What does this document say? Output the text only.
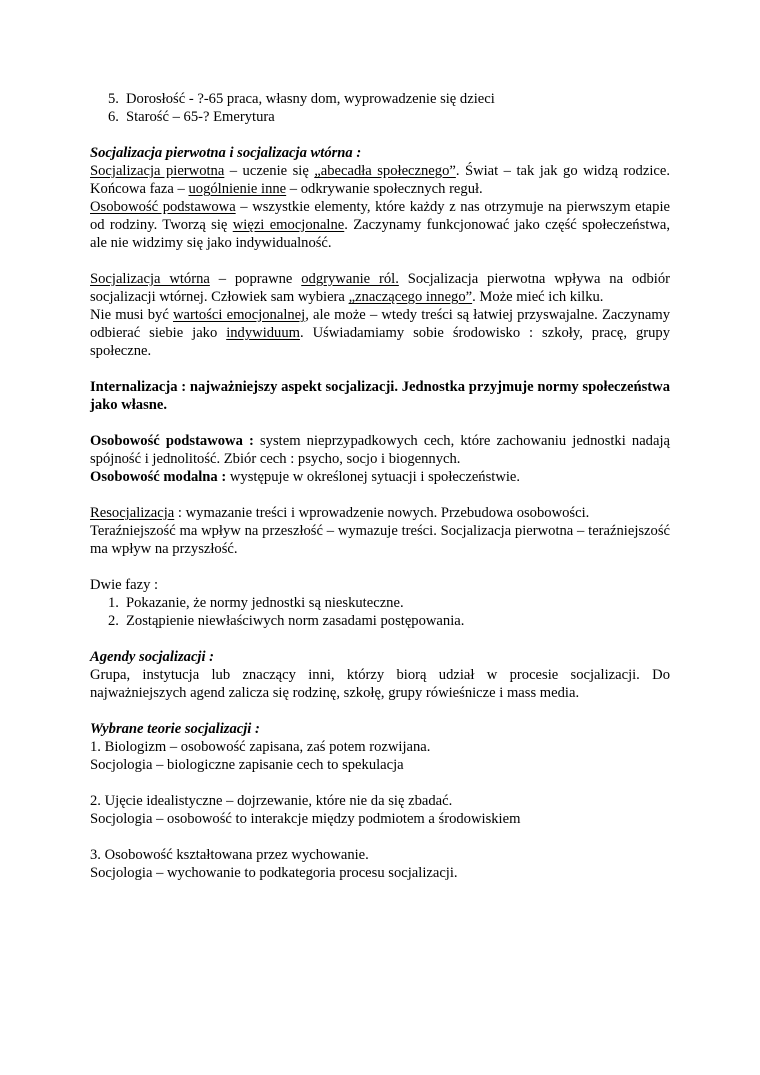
5. Dorosłość - ?-65 praca, własny dom, wyprowadzenie się dzieci
6. Starość – 65-? Emerytura

Socjalizacja pierwotna i socjalizacja wtórna :

Socjalizacja pierwotna – uczenie się „abecadła społecznego”. Świat – tak jak go widzą rodzice. Końcowa faza – uogólnienie inne – odkrywanie społecznych reguł.

Osobowość podstawowa – wszystkie elementy, które każdy z nas otrzymuje na pierwszym etapie od rodziny. Tworzą się więzi emocjonalne. Zaczynamy funkcjonować jako część społeczeństwa, ale nie widzimy się jako indywidualność.

Socjalizacja wtórna – poprawne odgrywanie ról. Socjalizacja pierwotna wpływa na odbiór socjalizacji wtórnej. Człowiek sam wybiera „znaczącego innego”. Może mieć ich kilku.

Nie musi być wartości emocjonalnej, ale może – wtedy treści są łatwiej przyswajalne. Zaczynamy odbierać siebie jako indywiduum. Uświadamiamy sobie środowisko : szkoły, pracę, grupy społeczne.

Internalizacja : najważniejszy aspekt socjalizacji. Jednostka przyjmuje normy społeczeństwa jako własne.

Osobowość podstawowa : system nieprzypadkowych cech, które zachowaniu jednostki nadają spójność i jednolitość. Zbiór cech : psycho, socjo i biogennych.

Osobowość modalna : występuje w określonej sytuacji i społeczeństwie.

Resocjalizacja : wymazanie treści i wprowadzenie nowych. Przebudowa osobowości.

Teraźniejszość ma wpływ na przeszłość – wymazuje treści. Socjalizacja pierwotna – teraźniejszość ma wpływ na przyszłość.

Dwie fazy :

1. Pokazanie, że normy jednostki są nieskuteczne.
2. Zostąpienie niewłaściwych norm zasadami postępowania.

Agendy socjalizacji :

Grupa, instytucja lub znaczący inni, którzy biorą udział w procesie socjalizacji. Do najważniejszych agend zalicza się rodzinę, szkołę, grupy rówieśnicze i mass media.

Wybrane teorie socjalizacji :

1. Biologizm – osobowość zapisana, zaś potem rozwijana.

Socjologia – biologiczne zapisanie cech to spekulacja

2. Ujęcie idealistyczne – dojrzewanie, które nie da się zbadać.

Socjologia – osobowość to interakcje między podmiotem a środowiskiem

3. Osobowość kształtowana przez wychowanie.

Socjologia – wychowanie to podkategoria procesu socjalizacji.
